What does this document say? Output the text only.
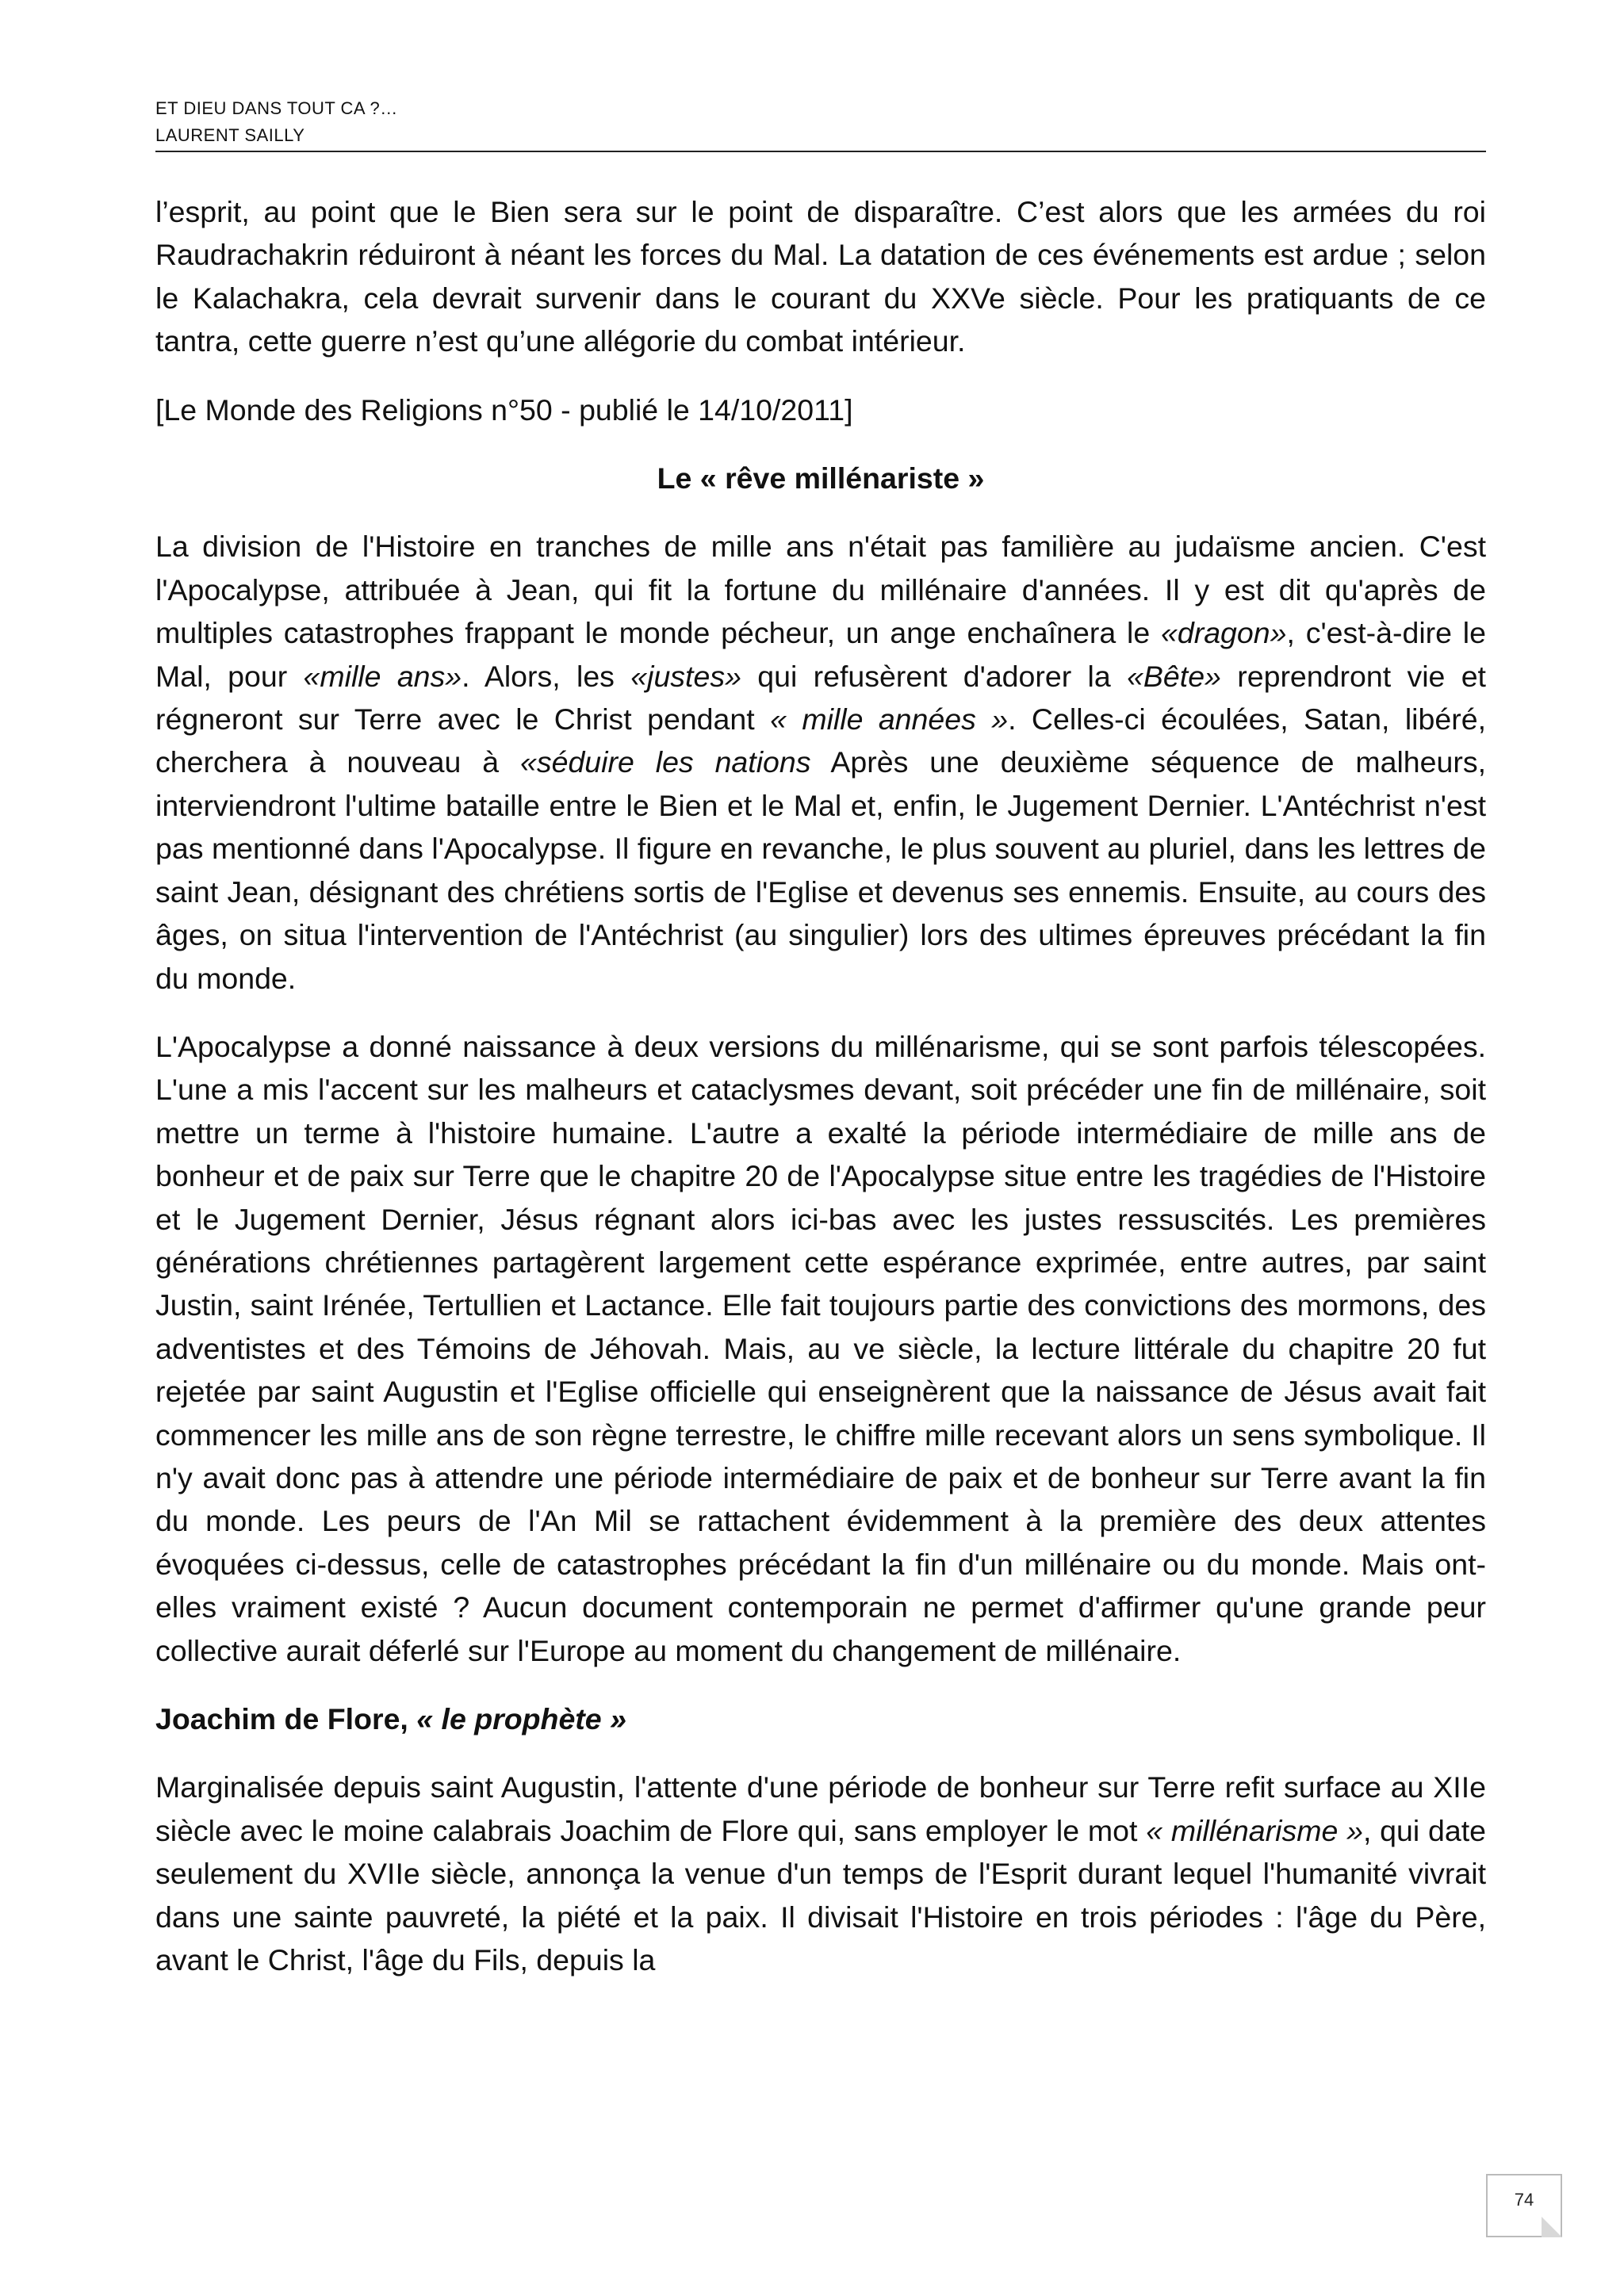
ET DIEU DANS TOUT CA ?…
LAURENT SAILLY

l’esprit, au point que le Bien sera sur le point de disparaître. C’est alors que les armées du roi Raudrachakrin réduiront à néant les forces du Mal. La datation de ces événements est ardue ; selon le Kalachakra, cela devrait survenir dans le courant du XXVe siècle. Pour les pratiquants de ce tantra, cette guerre n’est qu’une allégorie du combat intérieur.

[Le Monde des Religions n°50 - publié le 14/10/2011]

Le « rêve millénariste »

La division de l'Histoire en tranches de mille ans n'était pas familière au judaïsme ancien. C'est l'Apocalypse, attribuée à Jean, qui fit la fortune du millénaire d'années. Il y est dit qu'après de multiples catastrophes frappant le monde pécheur, un ange enchaînera le «dragon», c'est-à-dire le Mal, pour «mille ans». Alors, les «justes» qui refusèrent d'adorer la «Bête» reprendront vie et régneront sur Terre avec le Christ pendant « mille années ». Celles-ci écoulées, Satan, libéré, cherchera à nouveau à «séduire les nations Après une deuxième séquence de malheurs, interviendront l'ultime bataille entre le Bien et le Mal et, enfin, le Jugement Dernier. L'Antéchrist n'est pas mentionné dans l'Apocalypse. Il figure en revanche, le plus souvent au pluriel, dans les lettres de saint Jean, désignant des chrétiens sortis de l'Eglise et devenus ses ennemis. Ensuite, au cours des âges, on situa l'intervention de l'Antéchrist (au singulier) lors des ultimes épreuves précédant la fin du monde.

L'Apocalypse a donné naissance à deux versions du millénarisme, qui se sont parfois télescopées. L'une a mis l'accent sur les malheurs et cataclysmes devant, soit précéder une fin de millénaire, soit mettre un terme à l'histoire humaine. L'autre a exalté la période intermédiaire de mille ans de bonheur et de paix sur Terre que le chapitre 20 de l'Apocalypse situe entre les tragédies de l'Histoire et le Jugement Dernier, Jésus régnant alors ici-bas avec les justes ressuscités. Les premières générations chrétiennes partagèrent largement cette espérance exprimée, entre autres, par saint Justin, saint Irénée, Tertullien et Lactance. Elle fait toujours partie des convictions des mormons, des adventistes et des Témoins de Jéhovah. Mais, au ve siècle, la lecture littérale du chapitre 20 fut rejetée par saint Augustin et l'Eglise officielle qui enseignèrent que la naissance de Jésus avait fait commencer les mille ans de son règne terrestre, le chiffre mille recevant alors un sens symbolique. Il n'y avait donc pas à attendre une période intermédiaire de paix et de bonheur sur Terre avant la fin du monde. Les peurs de l'An Mil se rattachent évidemment à la première des deux attentes évoquées ci-dessus, celle de catastrophes précédant la fin d'un millénaire ou du monde. Mais ont-elles vraiment existé ? Aucun document contemporain ne permet d'affirmer qu'une grande peur collective aurait déferlé sur l'Europe au moment du changement de millénaire.

Joachim de Flore, « le prophète »

Marginalisée depuis saint Augustin, l'attente d'une période de bonheur sur Terre refit surface au XIIe siècle avec le moine calabrais Joachim de Flore qui, sans employer le mot « millénarisme », qui date seulement du XVIIe siècle, annonça la venue d'un temps de l'Esprit durant lequel l'humanité vivrait dans une sainte pauvreté, la piété et la paix. Il divisait l'Histoire en trois périodes : l'âge du Père, avant le Christ, l'âge du Fils, depuis la

74
